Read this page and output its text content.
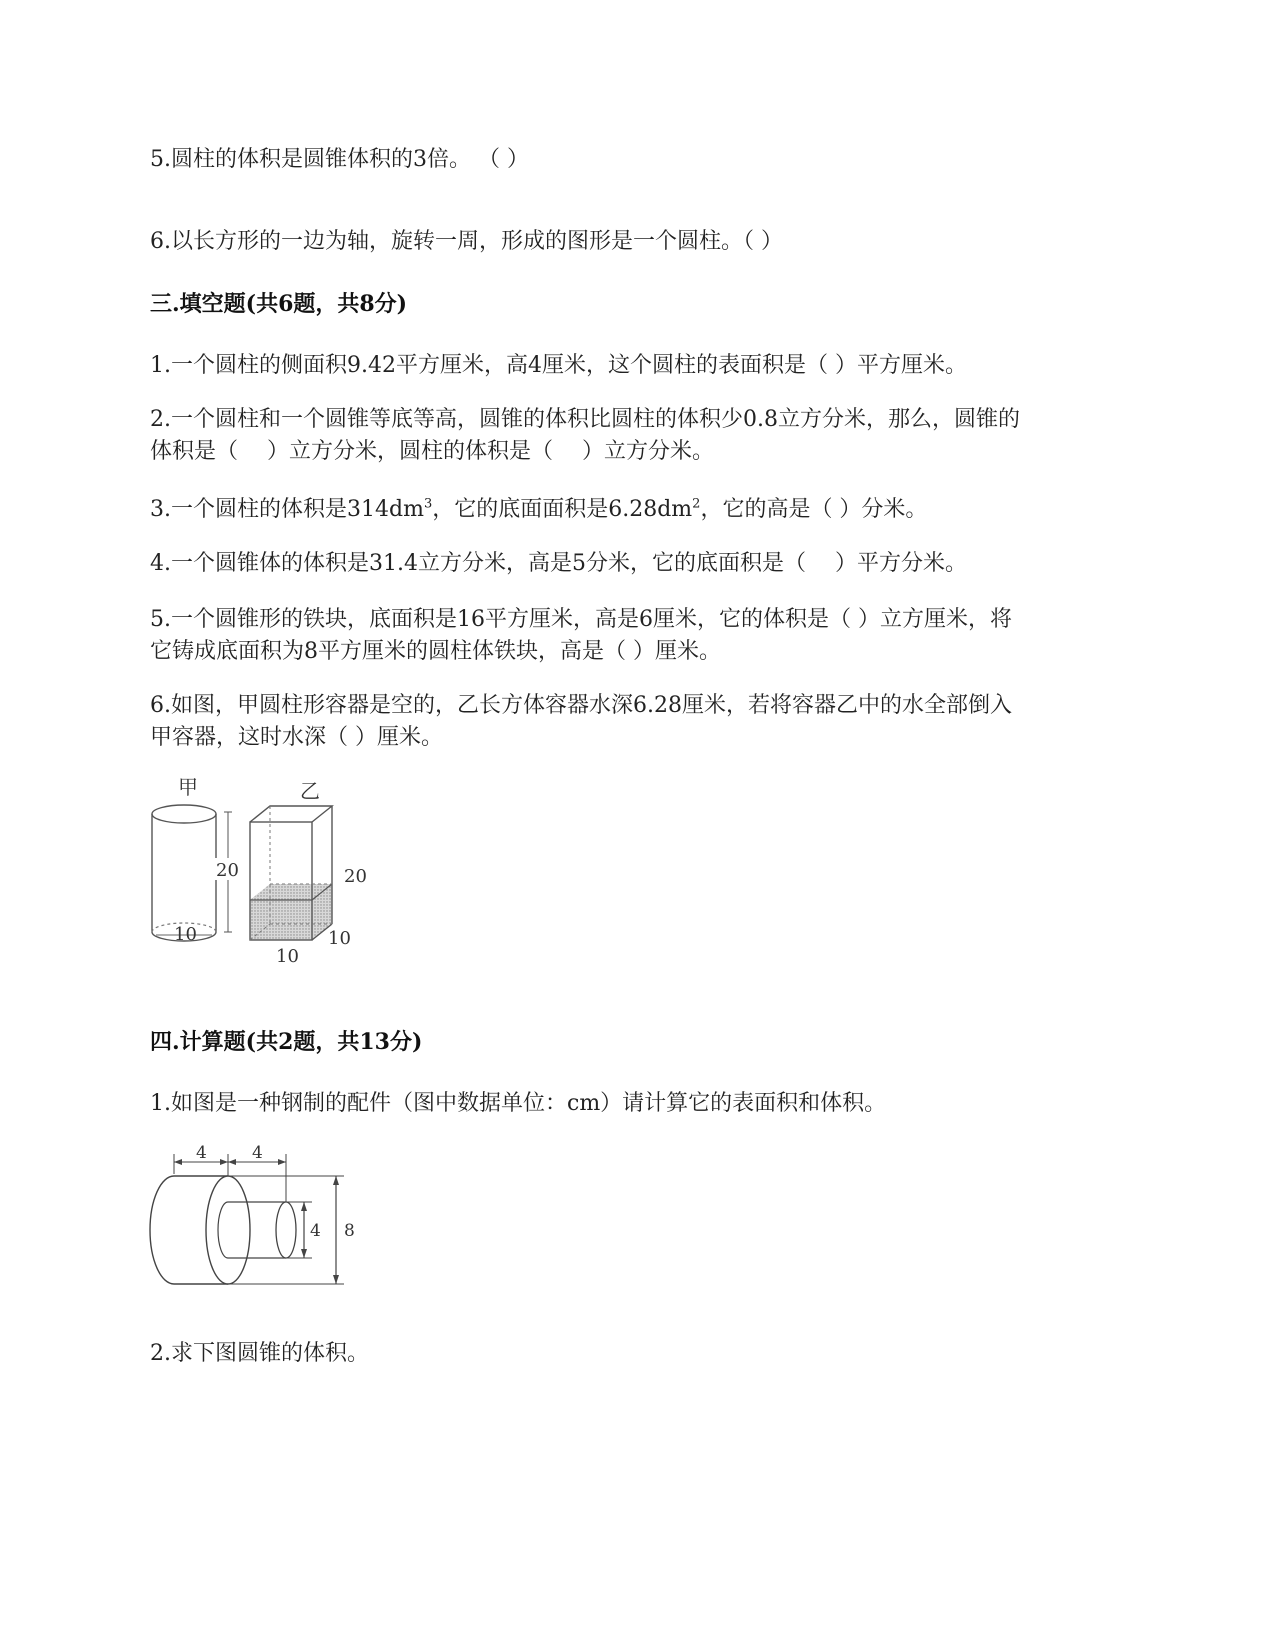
5.圆柱的体积是圆锥体积的3倍。 （ ）
6.以长方形的一边为轴，旋转一周，形成的图形是一个圆柱。（ ）
三.填空题(共6题，共8分)
1.一个圆柱的侧面积9.42平方厘米，高4厘米，这个圆柱的表面积是（ ）平方厘米。
2.一个圆柱和一个圆锥等底等高，圆锥的体积比圆柱的体积少0.8立方分米，那么，圆锥的
体积是（　 ）立方分米，圆柱的体积是（　 ）立方分米。
3.一个圆柱的体积是$314dm^3$，它的底面面积是$6.28dm^2$，它的高是（ ）分米。
4.一个圆锥体的体积是31.4立方分米，高是5分米，它的底面积是（　 ）平方分米。
5.一个圆锥形的铁块，底面积是16平方厘米，高是6厘米，它的体积是（ ）立方厘米，将
它铸成底面积为8平方厘米的圆柱体铁块，高是（ ）厘米。
6.如图，甲圆柱形容器是空的，乙长方体容器水深6.28厘米，若将容器乙中的水全部倒入
甲容器，这时水深（ ）厘米。
甲
10
20
乙
20
10
10
四.计算题(共2题，共13分)
1.如图是一种钢制的配件（图中数据单位：cm）请计算它的表面积和体积。
4	4
4 8
2.求下图圆锥的体积。
